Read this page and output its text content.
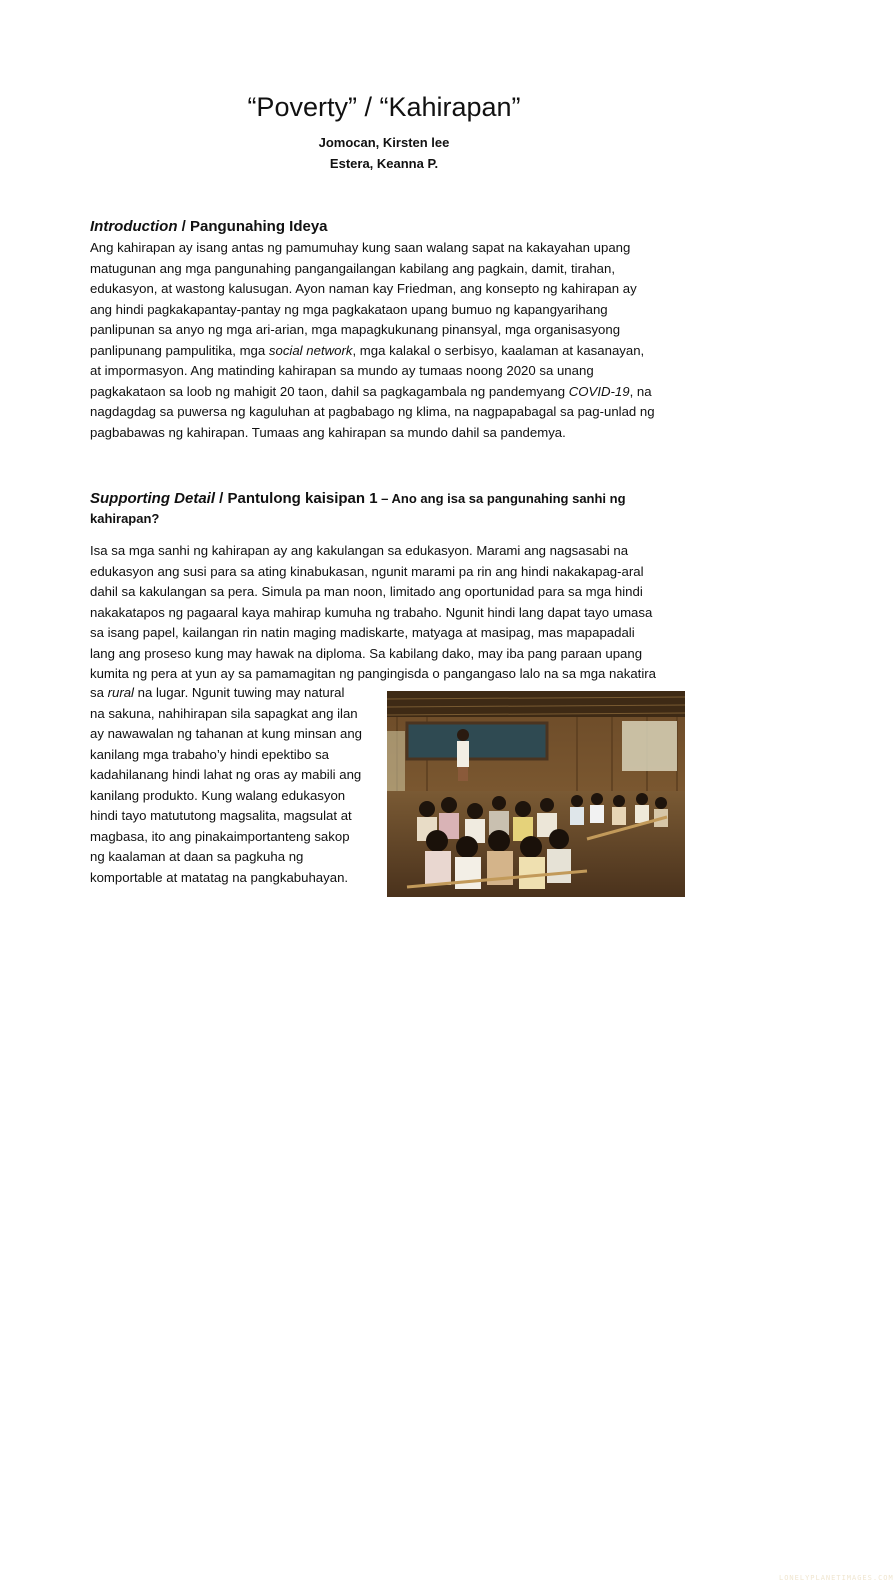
“Poverty” / “Kahirapan”
Jomocan, Kirsten lee
Estera, Keanna P.
Introduction / Pangunahing Ideya
Ang kahirapan ay isang antas ng pamumuhay kung saan walang sapat na kakayahan upang
matugunan ang mga pangunahing pangangailangan kabilang ang pagkain, damit, tirahan,
edukasyon, at wastong kalusugan. Ayon naman kay Friedman, ang konsepto ng kahirapan ay
ang hindi pagkakapantay-pantay ng mga pagkakataon upang bumuo ng kapangyarihang
panlipunan sa anyo ng mga ari-arian, mga mapagkukunang pinansyal, mga organisasyong
panlipunang pampulitika, mga social network, mga kalakal o serbisyo, kaalaman at kasanayan,
at impormasyon. Ang matinding kahirapan sa mundo ay tumaas noong 2020 sa unang
pagkakataon sa loob ng mahigit 20 taon, dahil sa pagkagambala ng pandemyang COVID-19, na
nagdagdag sa puwersa ng kaguluhan at pagbabago ng klima, na nagpapabagal sa pag-unlad ng
pagbabawas ng kahirapan. Tumaas ang kahirapan sa mundo dahil sa pandemya.
Supporting Detail / Pantulong kaisipan 1 – Ano ang isa sa pangunahing sanhi ng
kahirapan?
Isa sa mga sanhi ng kahirapan ay ang kakulangan sa edukasyon. Marami ang nagsasabi na
edukasyon ang susi para sa ating kinabukasan, ngunit marami pa rin ang hindi nakakapag-aral
dahil sa kakulangan sa pera. Simula pa man noon, limitado ang oportunidad para sa mga hindi
nakakatapos ng pagaaral kaya mahirap kumuha ng trabaho. Ngunit hindi lang dapat tayo umasa
sa isang papel, kailangan rin natin maging madiskarte, matyaga at masipag, mas mapapadali
lang ang proseso kung may hawak na diploma. Sa kabilang dako, may iba pang paraan upang
kumita ng pera at yun ay sa pamamagitan ng pangingisda o pangangaso lalo na sa mga nakatira
sa rural na lugar. Ngunit tuwing may natural
na sakuna, nahihirapan sila sapagkat ang ilan
ay nawawalan ng tahanan at kung minsan ang
kanilang mga trabaho’y hindi epektibo sa
kadahilanang hindi lahat ng oras ay mabili ang
kanilang produkto. Kung walang edukasyon
hindi tayo matututong magsalita, magsulat at
magbasa, ito ang pinakaimportanteng sakop
ng kaalaman at daan sa pagkuha ng
komportable at matatag na pangkabuhayan.
LONELYPLANETIMAGES.COM
